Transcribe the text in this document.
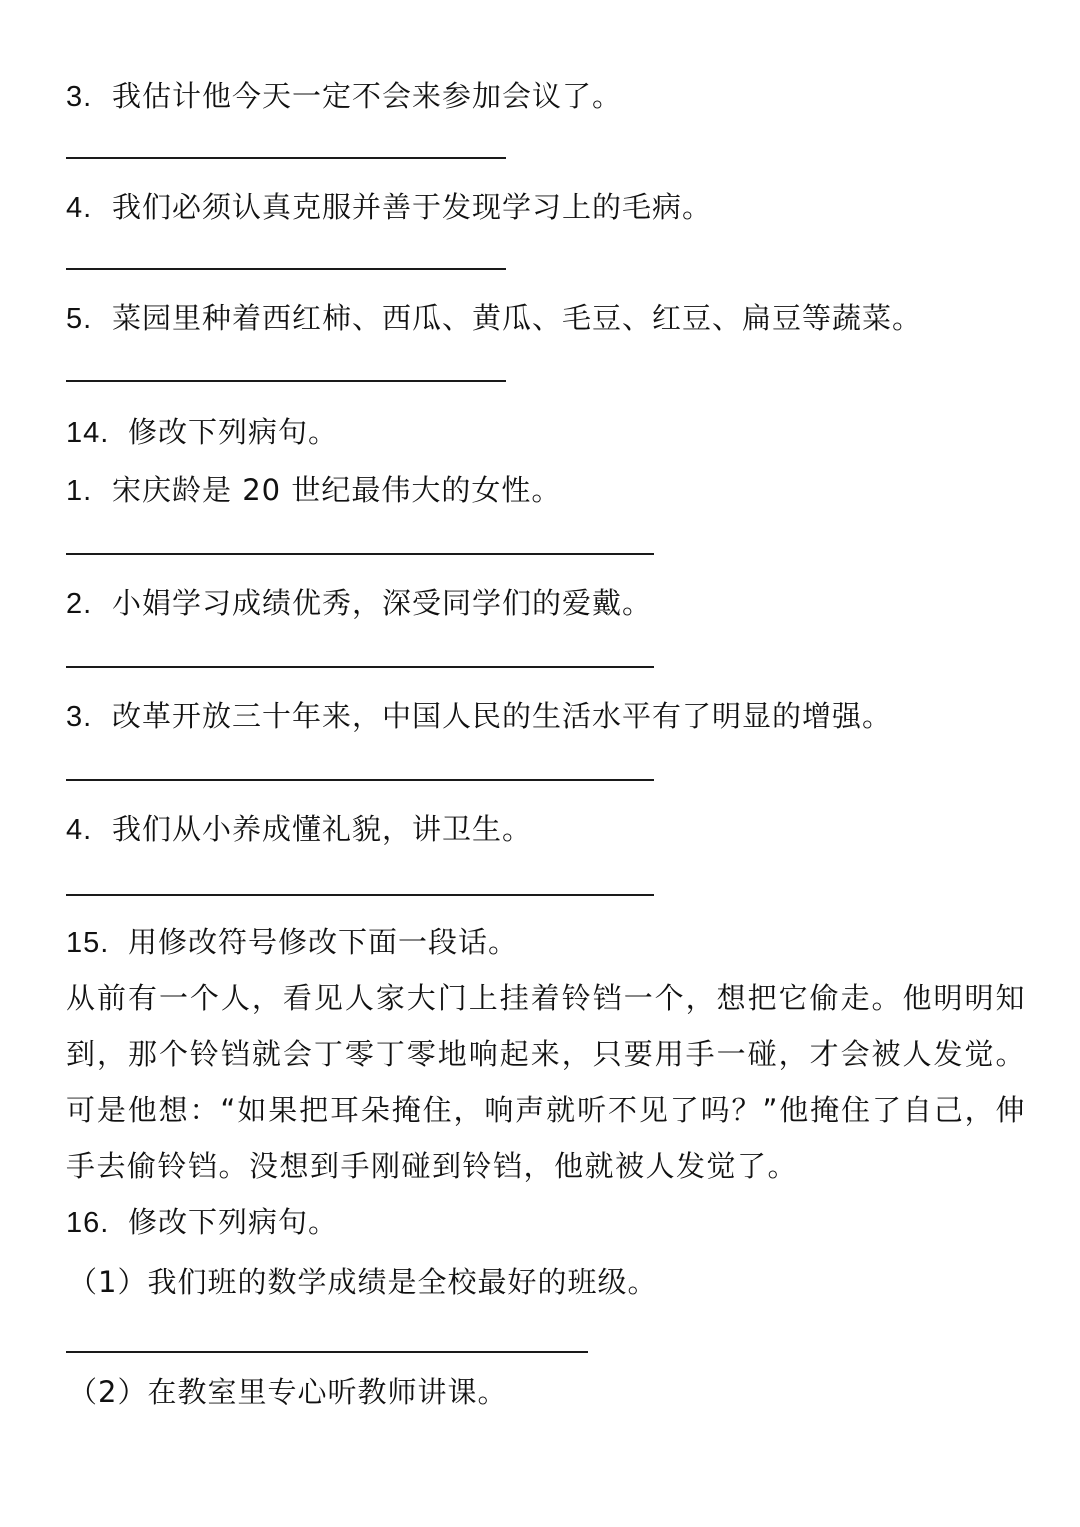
3. 我估计他今天一定不会来参加会议了。
4. 我们必须认真克服并善于发现学习上的毛病。
5. 菜园里种着西红柿、西瓜、黄瓜、毛豆、红豆、扁豆等蔬菜。
14. 修改下列病句。
1. 宋庆龄是 20 世纪最伟大的女性。
2. 小娟学习成绩优秀，深受同学们的爱戴。
3. 改革开放三十年来，中国人民的生活水平有了明显的增强。
4. 我们从小养成懂礼貌，讲卫生。
15. 用修改符号修改下面一段话。
从前有一个人，看见人家大门上挂着铃铛一个，想把它偷走。他明明知到，那个铃铛就会丁零丁零地响起来，只要用手一碰，才会被人发觉。可是他想：“如果把耳朵掩住，响声就听不见了吗？”他掩住了自己，伸手去偷铃铛。没想到手刚碰到铃铛，他就被人发觉了。
16. 修改下列病句。
（1）我们班的数学成绩是全校最好的班级。
（2）在教室里专心听教师讲课。
